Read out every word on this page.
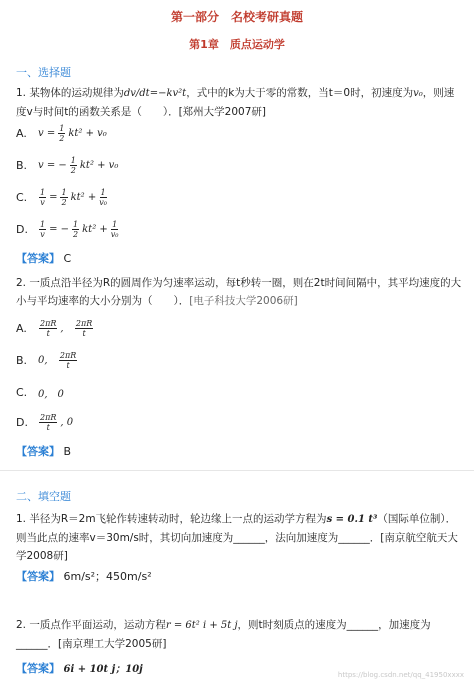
第一部分　名校考研真题
第1章　质点运动学
一、选择题
1. 某物体的运动规律为dv/dt=−kv²t，式中的k为大于零的常数，当t＝0时，初速度为v₀，则速度v与时间t的函数关系是（　　）．[郑州大学2007研]
A.	$v = \frac{1}{2} kt^2 + v_0$
B.	v = − $\frac{1}{2} kt^2 + v_0$
C.	$\frac{1}{v} = \frac{1}{2} kt^2 + \frac{1}{\text{v₀}}$
D.	$\frac{1}{v}$ = − $\frac{1}{2} kt^2 + \frac{1}{\text{v₀}}$
【答案】 C
2. 一质点沿半径为R的圆周作为匀速率运动，每t秒转一圈，则在2t时间间隔中，其平均速度的大小与平均速率的大小分别为（　　）．[电子科技大学2006研]
A.	$\frac{2\pi R}{t}$ ,
$\frac{2\pi R}{t}$
B.	0,
$\frac{2\pi R}{t}$
C.	0,　0
D.	$\frac{2\pi R}{t}$ , 0
【答案】 B
二、填空题
1. 半径为R＝2m飞轮作转速转动时，轮边缘上一点的运动学方程为s = 0.1 t³（国际单位制）．则当此点的速率v＝30m/s时，其切向加速度为______，法向加速度为______．[南京航空航天大学2008研]
【答案】 6m/s²；450m/s²
2. 一质点作平面运动，运动方程r = 6t² i + 5t j，则t时刻质点的速度为______，加速度为______．[南京理工大学2005研]
【答案】 6i + 10t j；10j	https://blog.csdn.net/qq_41950xxxx
